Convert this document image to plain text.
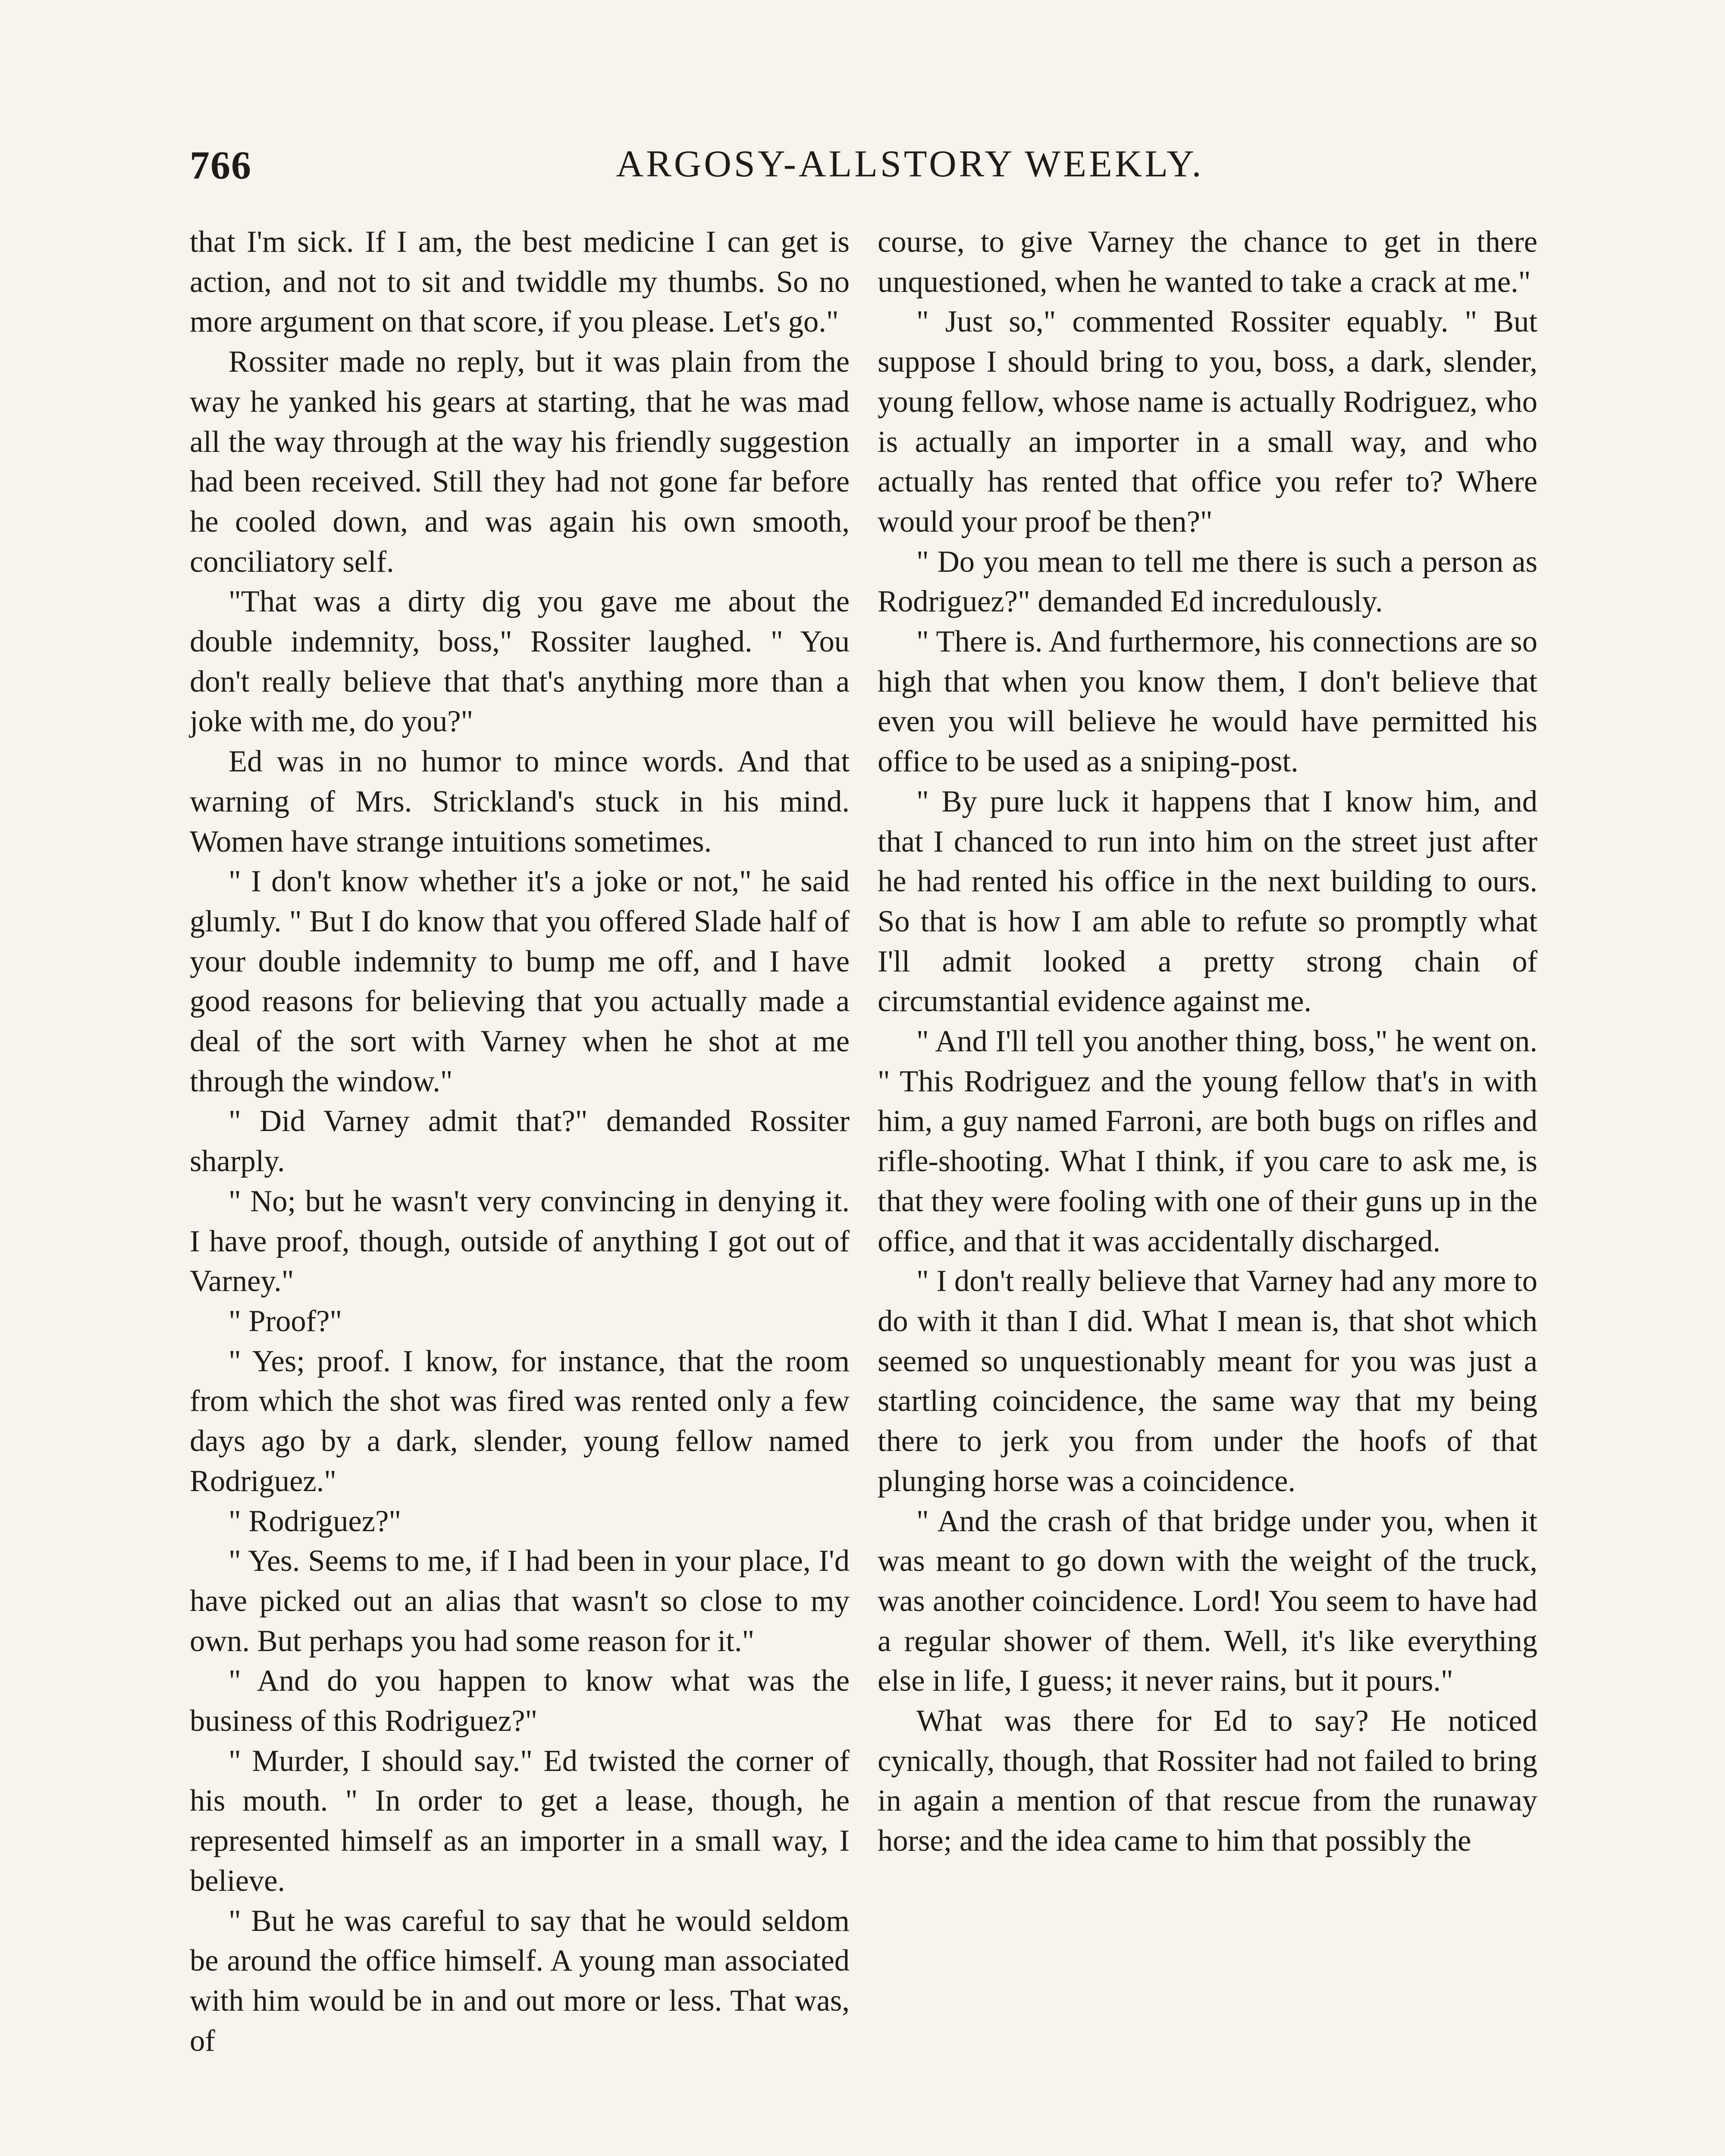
766	ARGOSY-ALLSTORY WEEKLY.

that I'm sick. If I am, the best medicine I can get is action, and not to sit and twiddle my thumbs. So no more argument on that score, if you please. Let's go."

Rossiter made no reply, but it was plain from the way he yanked his gears at starting, that he was mad all the way through at the way his friendly suggestion had been received. Still they had not gone far before he cooled down, and was again his own smooth, conciliatory self.

"That was a dirty dig you gave me about the double indemnity, boss," Rossiter laughed. " You don't really believe that that's anything more than a joke with me, do you?"

Ed was in no humor to mince words. And that warning of Mrs. Strickland's stuck in his mind. Women have strange intuitions sometimes.

" I don't know whether it's a joke or not," he said glumly. " But I do know that you offered Slade half of your double indemnity to bump me off, and I have good reasons for believing that you actually made a deal of the sort with Varney when he shot at me through the window."

" Did Varney admit that?" demanded Rossiter sharply.

" No; but he wasn't very convincing in denying it. I have proof, though, outside of anything I got out of Varney."

" Proof?"

" Yes; proof. I know, for instance, that the room from which the shot was fired was rented only a few days ago by a dark, slender, young fellow named Rodriguez."

" Rodriguez?"

" Yes. Seems to me, if I had been in your place, I'd have picked out an alias that wasn't so close to my own. But perhaps you had some reason for it."

" And do you happen to know what was the business of this Rodriguez?"

" Murder, I should say." Ed twisted the corner of his mouth. " In order to get a lease, though, he represented himself as an importer in a small way, I believe.

" But he was careful to say that he would seldom be around the office himself. A young man associated with him would be in and out more or less. That was, of

course, to give Varney the chance to get in there unquestioned, when he wanted to take a crack at me."

" Just so," commented Rossiter equably. " But suppose I should bring to you, boss, a dark, slender, young fellow, whose name is actually Rodriguez, who is actually an importer in a small way, and who actually has rented that office you refer to? Where would your proof be then?"

" Do you mean to tell me there is such a person as Rodriguez?" demanded Ed incredulously.

" There is. And furthermore, his connections are so high that when you know them, I don't believe that even you will believe he would have permitted his office to be used as a sniping-post.

" By pure luck it happens that I know him, and that I chanced to run into him on the street just after he had rented his office in the next building to ours. So that is how I am able to refute so promptly what I'll admit looked a pretty strong chain of circumstantial evidence against me.

" And I'll tell you another thing, boss," he went on. " This Rodriguez and the young fellow that's in with him, a guy named Farroni, are both bugs on rifles and rifle-shooting. What I think, if you care to ask me, is that they were fooling with one of their guns up in the office, and that it was accidentally discharged.

" I don't really believe that Varney had any more to do with it than I did. What I mean is, that shot which seemed so unquestionably meant for you was just a startling coincidence, the same way that my being there to jerk you from under the hoofs of that plunging horse was a coincidence.

" And the crash of that bridge under you, when it was meant to go down with the weight of the truck, was another coincidence. Lord! You seem to have had a regular shower of them. Well, it's like everything else in life, I guess; it never rains, but it pours."

What was there for Ed to say? He noticed cynically, though, that Rossiter had not failed to bring in again a mention of that rescue from the runaway horse; and the idea came to him that possibly the
